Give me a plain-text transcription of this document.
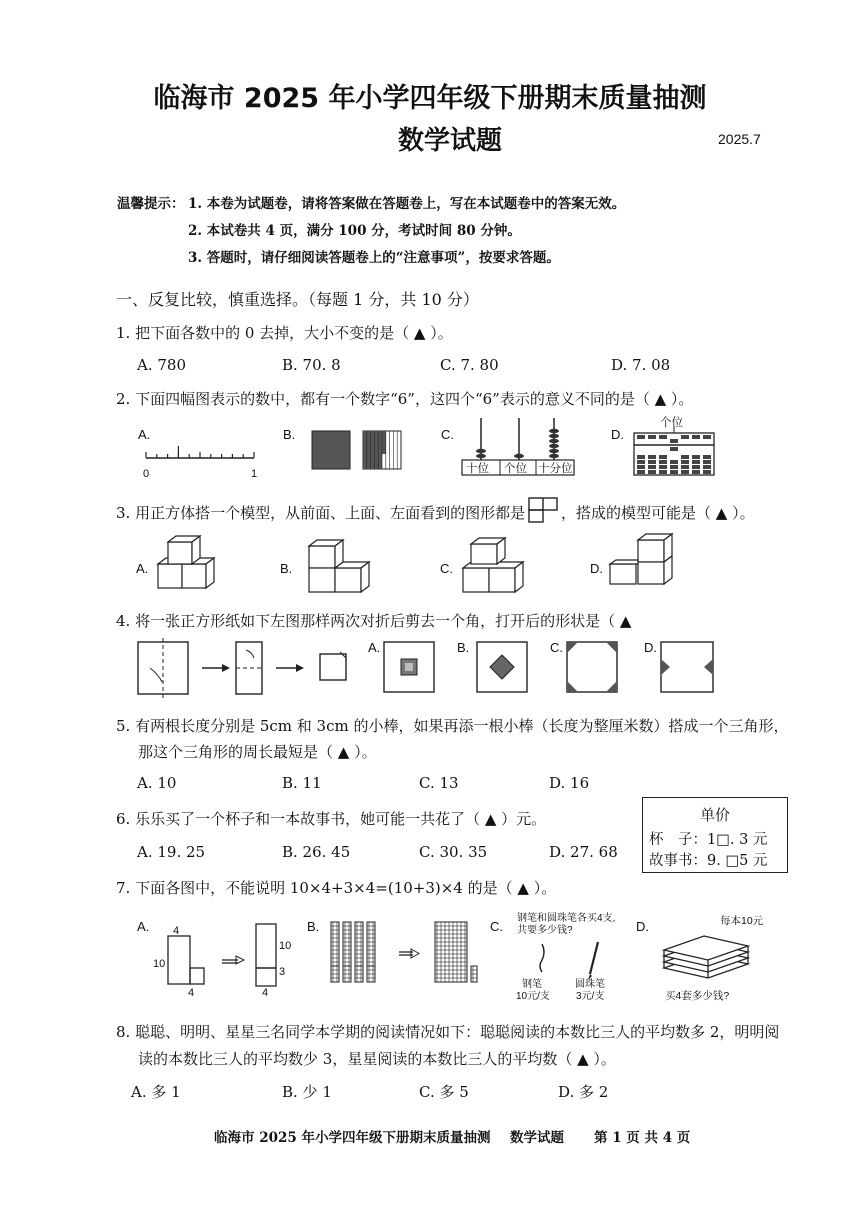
临海市 2025 年小学四年级下册期末质量抽测
数学试题	2025.7
温馨提示： 1. 本卷为试题卷，请将答案做在答题卷上，写在本试题卷中的答案无效。
2. 本试卷共 4 页，满分 100 分，考试时间 80 分钟。
3. 答题时，请仔细阅读答题卷上的“注意事项”，按要求答题。
一、反复比较，慎重选择。（每题 1 分，共 10 分）
1. 把下面各数中的 0 去掉，大小不变的是（ ▲ ）。
A. 780	B. 70. 8	C. 7. 80	D. 7. 08
2. 下面四幅图表示的数中，都有一个数字“6”，这四个“6”表示的意义不同的是（ ▲ ）。
A.	B.	C.	D.
0	1	十位 个位 十分位
个位
3. 用正方体搭一个模型，从前面、上面、左面看到的图形都是 ，搭成的模型可能是（ ▲ ）。
A.	B.	C.	D.
4. 将一张正方形纸如下左图那样两次对折后剪去一个角，打开后的形状是（ ▲
A.	B.	C.	D.
5. 有两根长度分别是 5cm 和 3cm 的小棒，如果再添一根小棒（长度为整厘米数）搭成一个三角形，
那这个三角形的周长最短是（ ▲ ）。
A. 10	B. 11	C. 13	D. 16
6. 乐乐买了一个杯子和一本故事书，她可能一共花了（ ▲ ）元。
A. 19. 25	B. 26. 45	C. 30. 35	D. 27. 68
单价
杯　子：1□. 3 元
故事书：9. □5 元
7. 下面各图中，不能说明 10×4+3×4=(10+3)×4 的是（ ▲ ）。
A.	B.	C.	D.
4
10
4
10
3
4
钢笔和圆珠笔各买4支,
共要多少钱?
钢笔
10元/支
圆珠笔
3元/支
每本10元
买4套多少钱?
8. 聪聪、明明、星星三名同学本学期的阅读情况如下：聪聪阅读的本数比三人的平均数多 2，明明阅
读的本数比三人的平均数少 3，星星阅读的本数比三人的平均数（ ▲ ）。
A. 多 1	B. 少 1	C. 多 5	D. 多 2
临海市 2025 年小学四年级下册期末质量抽测 数学试题 第 1 页 共 4 页
